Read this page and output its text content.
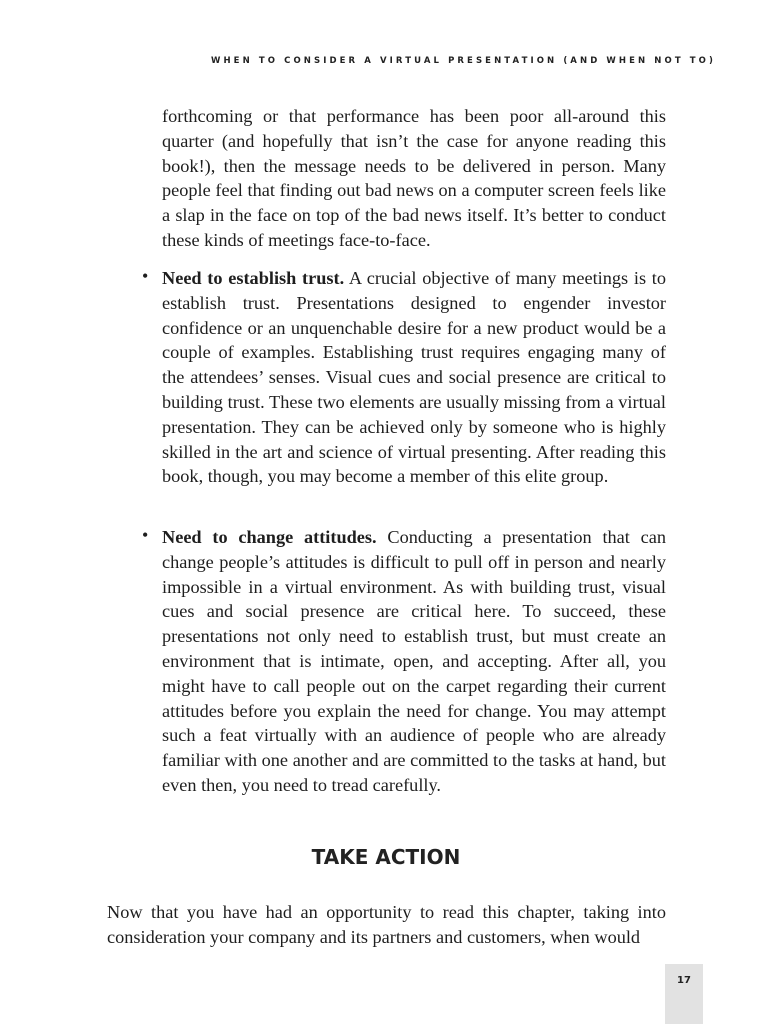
WHEN TO CONSIDER A VIRTUAL PRESENTATION (AND WHEN NOT TO)

forthcoming or that performance has been poor all-around this quarter (and hopefully that isn’t the case for anyone reading this book!), then the message needs to be delivered in person. Many people feel that finding out bad news on a computer screen feels like a slap in the face on top of the bad news itself. It’s better to conduct these kinds of meetings face-to-face.

• Need to establish trust. A crucial objective of many meetings is to establish trust. Presentations designed to engender investor confidence or an unquenchable desire for a new product would be a couple of examples. Establishing trust requires engaging many of the attendees’ senses. Visual cues and social presence are critical to building trust. These two elements are usually missing from a virtual presentation. They can be achieved only by someone who is highly skilled in the art and science of virtual presenting. After reading this book, though, you may become a member of this elite group.

• Need to change attitudes. Conducting a presentation that can change people’s attitudes is difficult to pull off in person and nearly impossible in a virtual environment. As with building trust, visual cues and social presence are critical here. To succeed, these presentations not only need to establish trust, but must create an environment that is intimate, open, and accepting. After all, you might have to call people out on the carpet regarding their current attitudes before you explain the need for change. You may attempt such a feat virtually with an audience of people who are already familiar with one another and are committed to the tasks at hand, but even then, you need to tread carefully.

TAKE ACTION

Now that you have had an opportunity to read this chapter, taking into consideration your company and its partners and customers, when would

17
